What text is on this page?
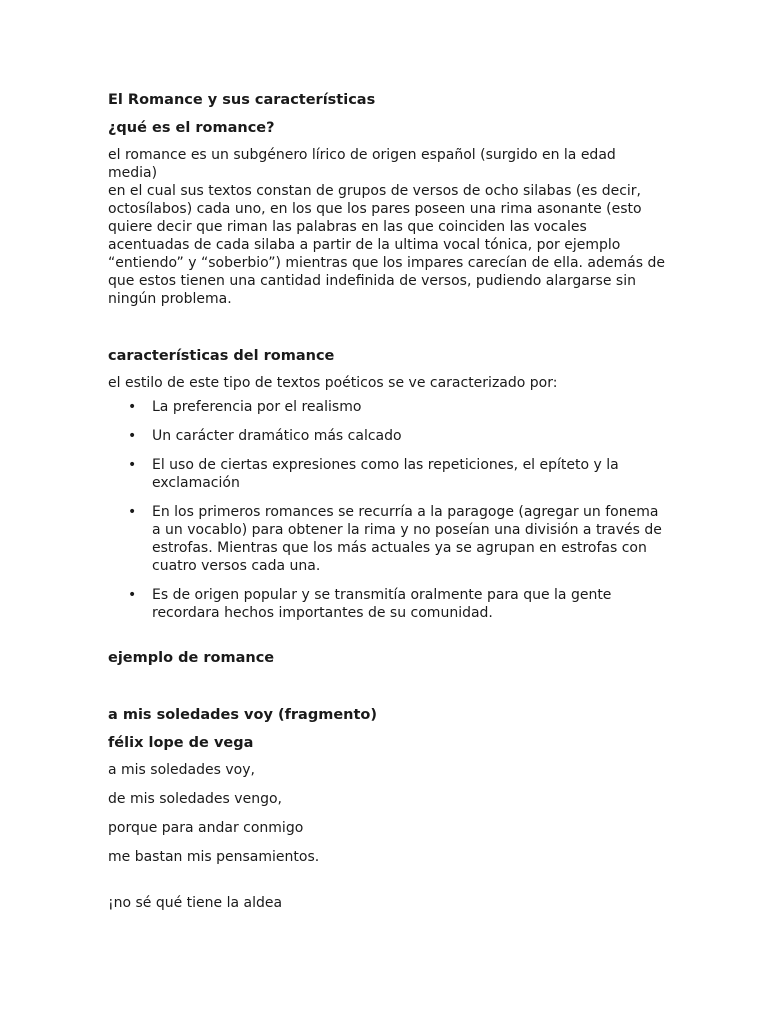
El Romance y sus características
¿qué es el romance?
el romance es un subgénero lírico de origen español (surgido en la edad media)
en el cual sus textos constan de grupos de versos de ocho silabas (es decir,
octosílabos) cada uno, en los que los pares poseen una rima asonante (esto
quiere decir que riman las palabras en las que coinciden las vocales
acentuadas de cada silaba a partir de la ultima vocal tónica, por ejemplo
“entiendo” y “soberbio”) mientras que los impares carecían de ella. además de
que estos tienen una cantidad indefinida de versos, pudiendo alargarse sin
ningún problema.
características del romance
el estilo de este tipo de textos poéticos se ve caracterizado por:
• La preferencia por el realismo
• Un carácter dramático más calcado
• El uso de ciertas expresiones como las repeticiones, el epíteto y la
exclamación
• En los primeros romances se recurría a la paragoge (agregar un fonema
a un vocablo) para obtener la rima y no poseían una división a través de
estrofas. Mientras que los más actuales ya se agrupan en estrofas con
cuatro versos cada una.
• Es de origen popular y se transmitía oralmente para que la gente
recordara hechos importantes de su comunidad.
ejemplo de romance
a mis soledades voy (fragmento)
félix lope de vega
a mis soledades voy,
de mis soledades vengo,
porque para andar conmigo
me bastan mis pensamientos.
¡no sé qué tiene la aldea
